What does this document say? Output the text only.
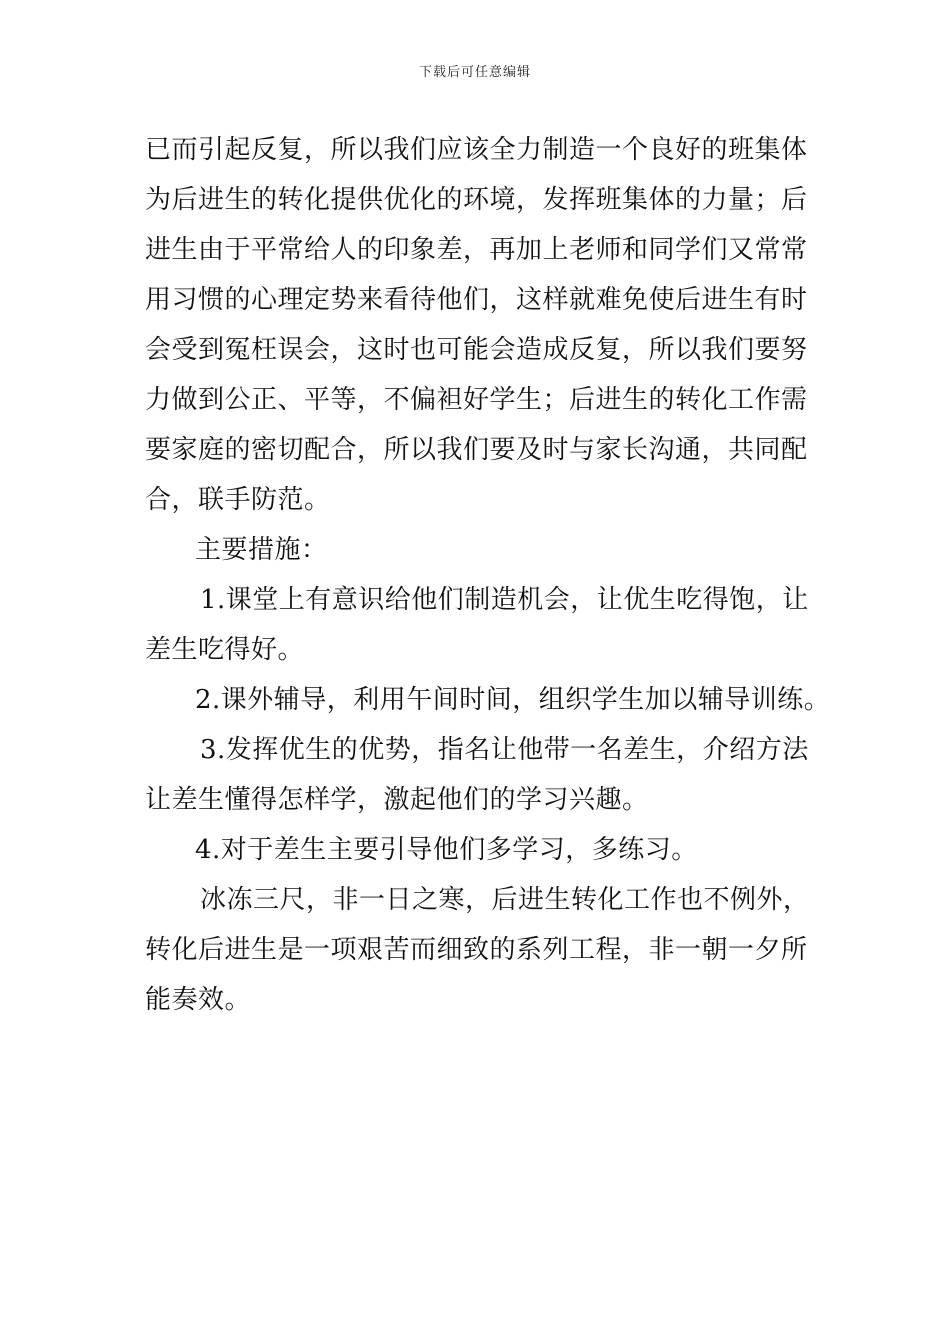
下载后可任意编辑
已而引起反复，所以我们应该全力制造一个良好的班集体
为后进生的转化提供优化的环境，发挥班集体的力量；后
进生由于平常给人的印象差，再加上老师和同学们又常常
用习惯的心理定势来看待他们，这样就难免使后进生有时
会受到冤枉误会，这时也可能会造成反复，所以我们要努
力做到公正、平等，不偏袒好学生；后进生的转化工作需
要家庭的密切配合，所以我们要及时与家长沟通，共同配
合，联手防范。
主要措施：
1.课堂上有意识给他们制造机会，让优生吃得饱，让
差生吃得好。
2.课外辅导，利用午间时间，组织学生加以辅导训练。
3.发挥优生的优势，指名让他带一名差生，介绍方法
让差生懂得怎样学，激起他们的学习兴趣。
4.对于差生主要引导他们多学习，多练习。
冰冻三尺，非一日之寒，后进生转化工作也不例外，
转化后进生是一项艰苦而细致的系列工程，非一朝一夕所
能奏效。
